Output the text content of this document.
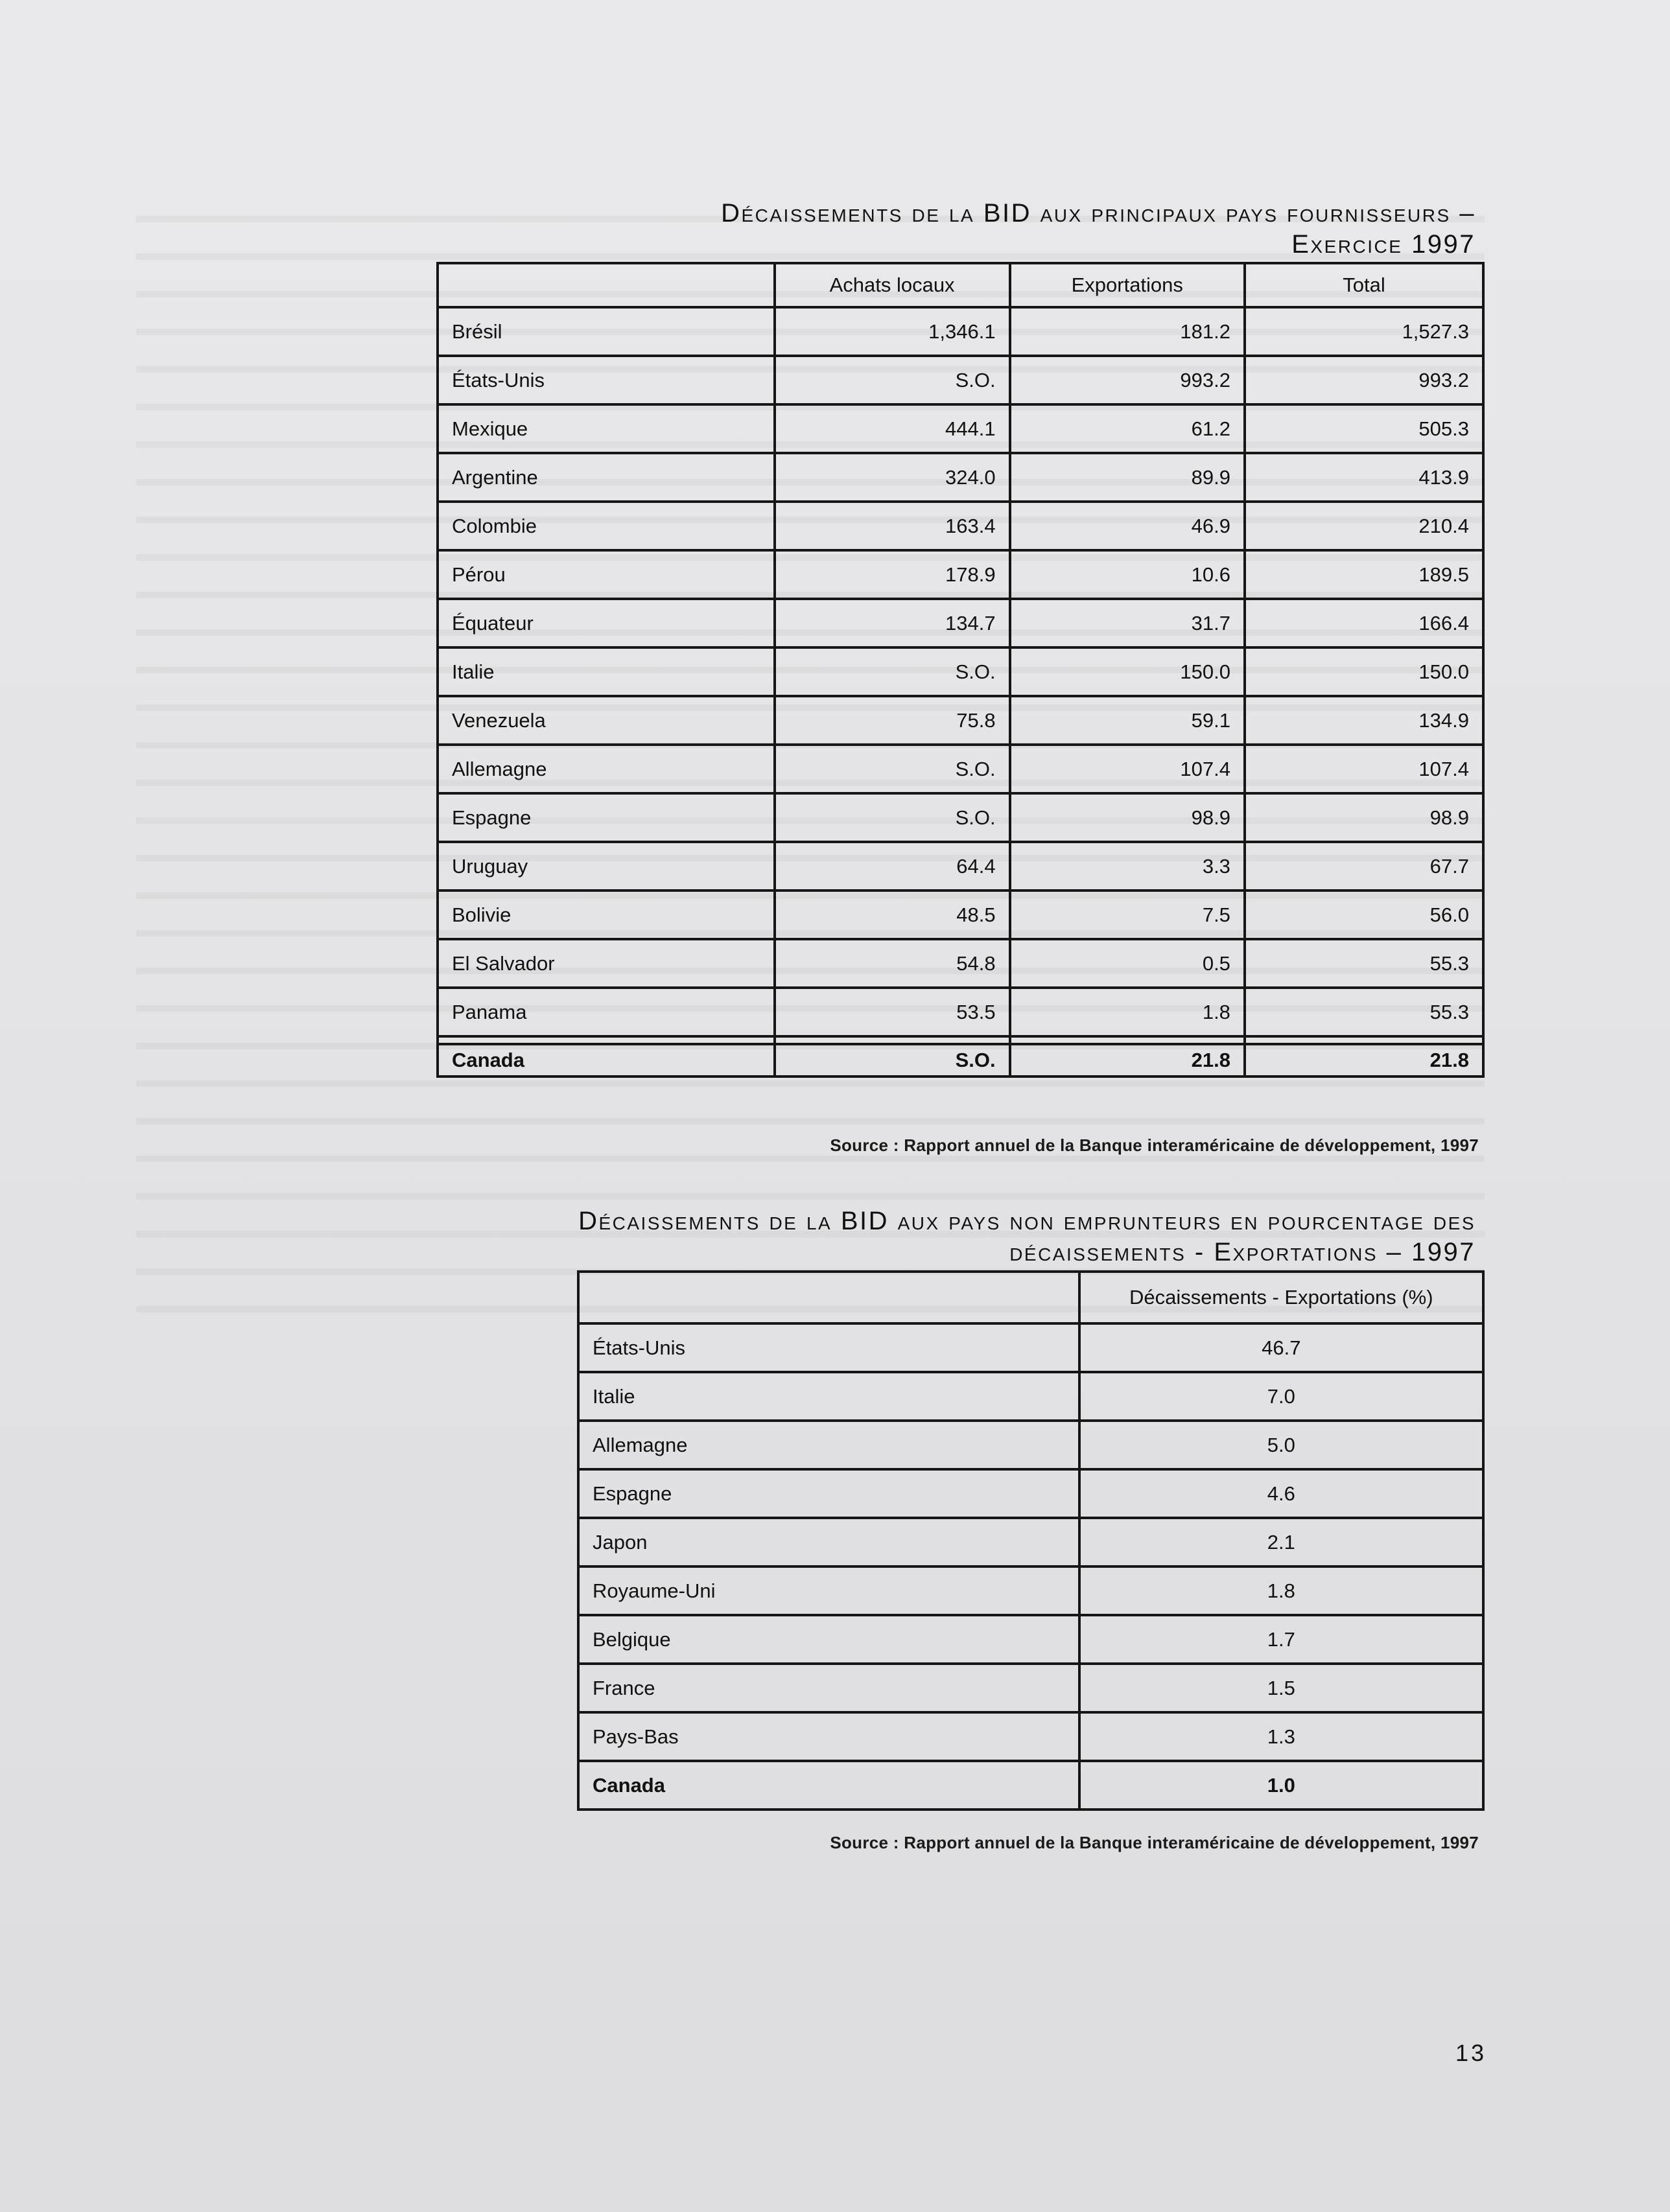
Décaissements de la BID aux principaux pays fournisseurs –
Exercice 1997
	Achats locaux	Exportations	Total
Brésil	1,346.1	181.2	1,527.3
États-Unis	S.O.	993.2	993.2
Mexique	444.1	61.2	505.3
Argentine	324.0	89.9	413.9
Colombie	163.4	46.9	210.4
Pérou	178.9	10.6	189.5
Équateur	134.7	31.7	166.4
Italie	S.O.	150.0	150.0
Venezuela	75.8	59.1	134.9
Allemagne	S.O.	107.4	107.4
Espagne	S.O.	98.9	98.9
Uruguay	64.4	3.3	67.7
Bolivie	48.5	7.5	56.0
El Salvador	54.8	0.5	55.3
Panama	53.5	1.8	55.3

Canada	S.O.	21.8	21.8
Source : Rapport annuel de la Banque interaméricaine de développement, 1997
Décaissements de la BID aux pays non emprunteurs en pourcentage des
décaissements - Exportations – 1997
	Décaissements - Exportations (%)
États-Unis	46.7
Italie	7.0
Allemagne	5.0
Espagne	4.6
Japon	2.1
Royaume-Uni	1.8
Belgique	1.7
France	1.5
Pays-Bas	1.3
Canada	1.0
Source : Rapport annuel de la Banque interaméricaine de développement, 1997
13
